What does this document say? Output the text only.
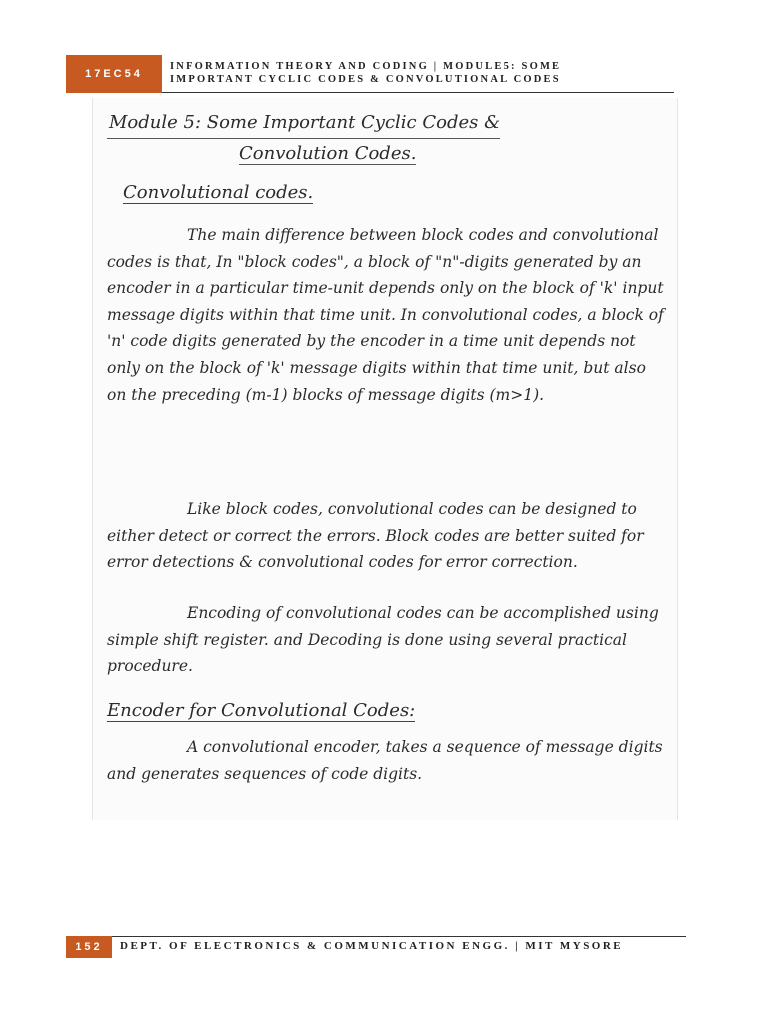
17EC54
INFORMATION THEORY AND CODING | MODULE5: SOME
IMPORTANT CYCLIC CODES & CONVOLUTIONAL CODES
Module 5: Some Important Cyclic Codes &
Convolution Codes.
Convolutional codes.

The main difference between block codes and convolutional codes is that, In "block codes", a block of "n"-digits generated by an encoder in a particular time-unit depends only on the block of 'k' input message digits within that time unit. In convolutional codes, a block of 'n' code digits generated by the encoder in a time unit depends not only on the block of 'k' message digits within that time unit, but also on the preceding (m-1) blocks of message digits (m>1).

Like block codes, convolutional codes can be designed to either detect or correct the errors. Block codes are better suited for error detections & convolutional codes for error correction.

Encoding of convolutional codes can be accomplished using simple shift register. and Decoding is done using several practical procedure.

Encoder for Convolutional Codes:

A convolutional encoder, takes a sequence of message digits and generates sequences of code digits.

152 DEPT. OF ELECTRONICS & COMMUNICATION ENGG. | MIT MYSORE
